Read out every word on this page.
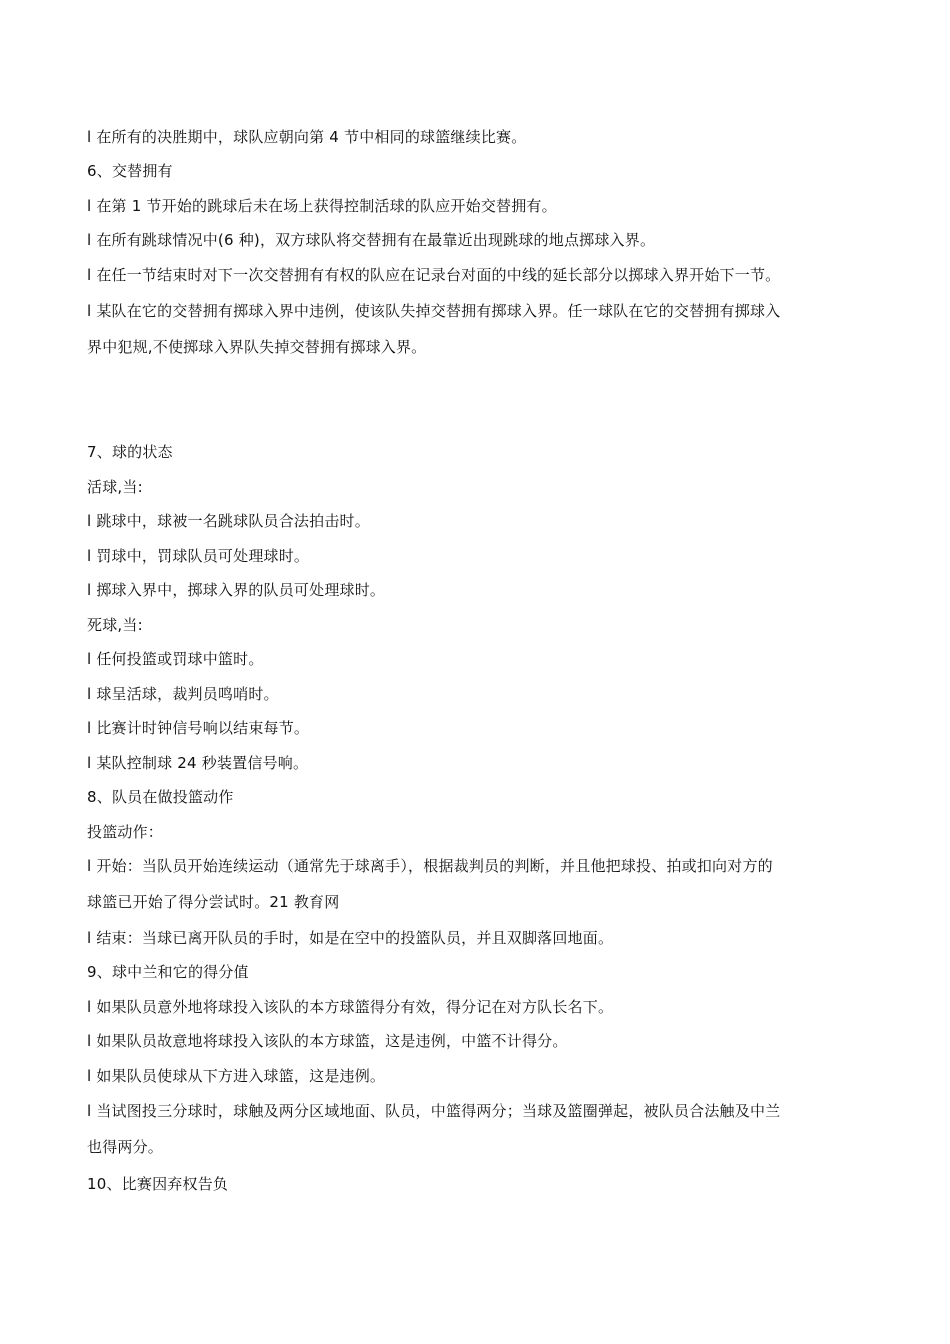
l 在所有的决胜期中，球队应朝向第 4 节中相同的球篮继续比赛。
6、交替拥有
l 在第 1 节开始的跳球后未在场上获得控制活球的队应开始交替拥有。
l 在所有跳球情况中(6 种)，双方球队将交替拥有在最靠近出现跳球的地点掷球入界。
l 在任一节结束时对下一次交替拥有有权的队应在记录台对面的中线的延长部分以掷球入界开始下一节。
l 某队在它的交替拥有掷球入界中违例，使该队失掉交替拥有掷球入界。任一球队在它的交替拥有掷球入
界中犯规,不使掷球入界队失掉交替拥有掷球入界。
7、球的状态
活球,当:
l 跳球中，球被一名跳球队员合法拍击时。
l 罚球中，罚球队员可处理球时。
l 掷球入界中，掷球入界的队员可处理球时。
死球,当:
l 任何投篮或罚球中篮时。
l 球呈活球，裁判员鸣哨时。
l 比赛计时钟信号响以结束每节。
l 某队控制球 24 秒装置信号响。
8、队员在做投篮动作
投篮动作：
l 开始：当队员开始连续运动（通常先于球离手），根据裁判员的判断，并且他把球投、拍或扣向对方的
球篮已开始了得分尝试时。21 教育网
l 结束：当球已离开队员的手时，如是在空中的投篮队员，并且双脚落回地面。
9、球中兰和它的得分值
l 如果队员意外地将球投入该队的本方球篮得分有效，得分记在对方队长名下。
l 如果队员故意地将球投入该队的本方球篮，这是违例，中篮不计得分。
l 如果队员使球从下方进入球篮，这是违例。
l 当试图投三分球时，球触及两分区域地面、队员，中篮得两分；当球及篮圈弹起，被队员合法触及中兰
也得两分。
10、比赛因弃权告负
